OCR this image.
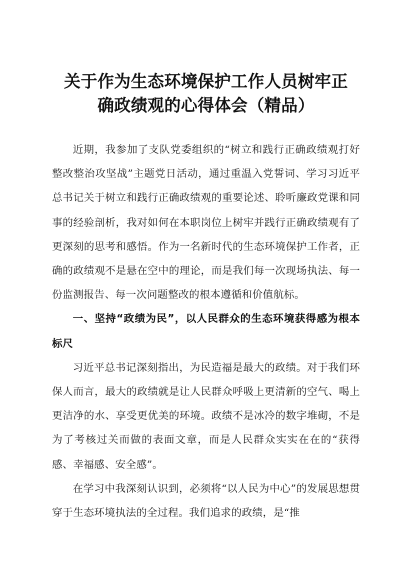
关于作为生态环境保护工作人员树牢正确政绩观的心得体会（精品）

近期，我参加了支队党委组织的“树立和践行正确政绩观打好整改整治攻坚战”主题党日活动，通过重温入党誓词、学习习近平总书记关于树立和践行正确政绩观的重要论述、聆听廉政党课和同事的经验剖析，我对如何在本职岗位上树牢并践行正确政绩观有了更深刻的思考和感悟。作为一名新时代的生态环境保护工作者，正确的政绩观不是悬在空中的理论，而是我们每一次现场执法、每一份监测报告、每一次问题整改的根本遵循和价值航标。

一、坚持“政绩为民”，以人民群众的生态环境获得感为根本标尺

习近平总书记深刻指出，为民造福是最大的政绩。对于我们环保人而言，最大的政绩就是让人民群众呼吸上更清新的空气、喝上更洁净的水、享受更优美的环境。政绩不是冰冷的数字堆砌，不是为了考核过关而做的表面文章，而是人民群众实实在在的“获得感、幸福感、安全感”。

在学习中我深刻认识到，必须将“以人民为中心”的发展思想贯穿于生态环境执法的全过程。我们追求的政绩，是“推
